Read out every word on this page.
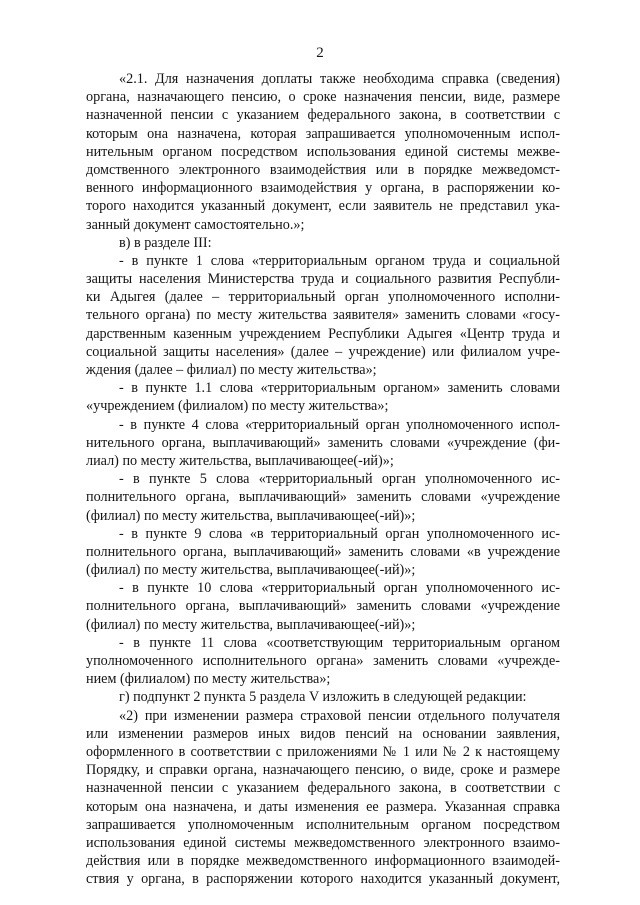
2
«2.1. Для назначения доплаты также необходима справка (сведения)
органа, назначающего пенсию, о сроке назначения пенсии, виде, размере
назначенной пенсии с указанием федерального закона, в соответствии с
которым она назначена, которая запрашивается уполномоченным испол-
нительным органом посредством использования единой системы межве-
домственного электронного взаимодействия или в порядке межведомст-
венного информационного взаимодействия у органа, в распоряжении ко-
торого находится указанный документ, если заявитель не представил ука-
занный документ самостоятельно.»;
в) в разделе III:
- в пункте 1 слова «территориальным органом труда и социальной
защиты населения Министерства труда и социального развития Республи-
ки Адыгея (далее – территориальный орган уполномоченного исполни-
тельного органа) по месту жительства заявителя» заменить словами «госу-
дарственным казенным учреждением Республики Адыгея «Центр труда и
социальной защиты населения» (далее – учреждение) или филиалом учре-
ждения (далее – филиал) по месту жительства»;
- в пункте 1.1 слова «территориальным органом» заменить словами
«учреждением (филиалом) по месту жительства»;
- в пункте 4 слова «территориальный орган уполномоченного испол-
нительного органа, выплачивающий» заменить словами «учреждение (фи-
лиал) по месту жительства, выплачивающее(-ий)»;
- в пункте 5 слова «территориальный орган уполномоченного ис-
полнительного органа, выплачивающий» заменить словами «учреждение
(филиал) по месту жительства, выплачивающее(-ий)»;
- в пункте 9 слова «в территориальный орган уполномоченного ис-
полнительного органа, выплачивающий» заменить словами «в учреждение
(филиал) по месту жительства, выплачивающее(-ий)»;
- в пункте 10 слова «территориальный орган уполномоченного ис-
полнительного органа, выплачивающий» заменить словами «учреждение
(филиал) по месту жительства, выплачивающее(-ий)»;
- в пункте 11 слова «соответствующим территориальным органом
уполномоченного исполнительного органа» заменить словами «учрежде-
нием (филиалом) по месту жительства»;
г) подпункт 2 пункта 5 раздела V изложить в следующей редакции:
«2) при изменении размера страховой пенсии отдельного получателя
или изменении размеров иных видов пенсий на основании заявления,
оформленного в соответствии с приложениями № 1 или № 2 к настоящему
Порядку, и справки органа, назначающего пенсию, о виде, сроке и размере
назначенной пенсии с указанием федерального закона, в соответствии с
которым она назначена, и даты изменения ее размера. Указанная справка
запрашивается уполномоченным исполнительным органом посредством
использования единой системы межведомственного электронного взаимо-
действия или в порядке межведомственного информационного взаимодей-
ствия у органа, в распоряжении которого находится указанный документ,
